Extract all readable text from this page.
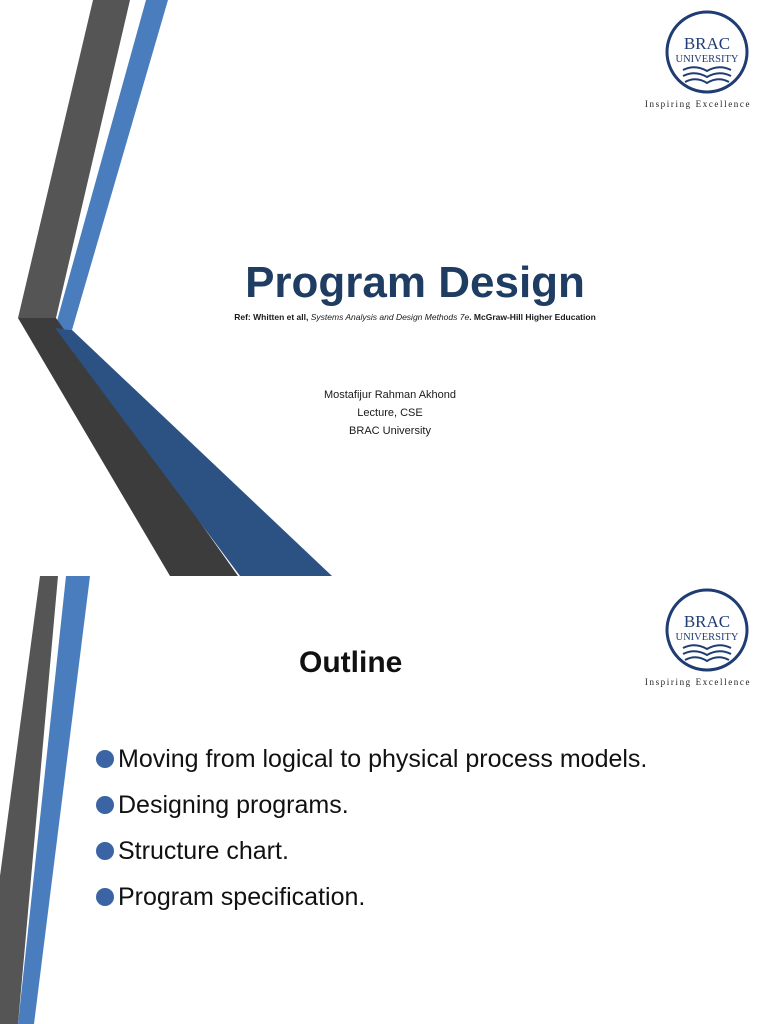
BRAC
UNIVERSITY
Inspiring Excellence
Program Design
Ref: Whitten et all, Systems Analysis and Design Methods 7e. McGraw-Hill Higher Education
Mostafijur Rahman Akhond
Lecture, CSE
BRAC University
BRAC
UNIVERSITY
Inspiring Excellence
Outline
Moving from logical to physical process models.
Designing programs.
Structure chart.
Program specification.
